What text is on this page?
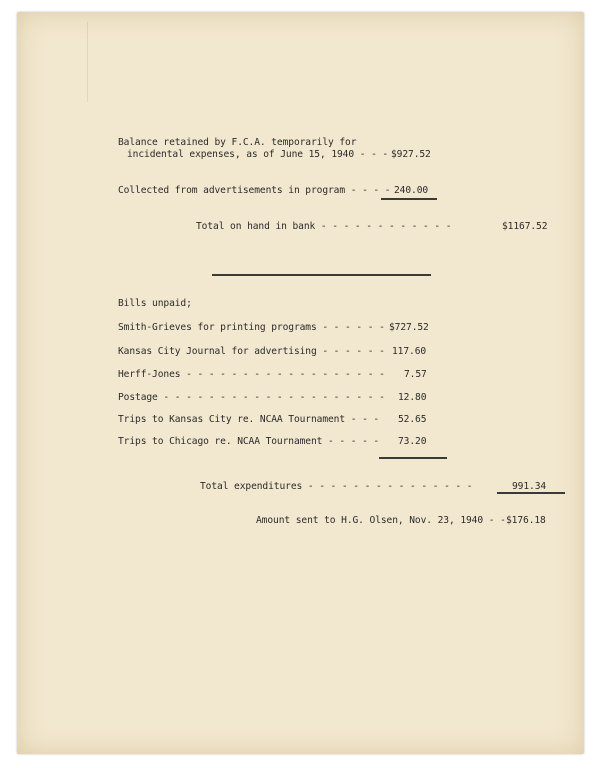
Balance retained by F.C.A. temporarily for
incidental expenses, as of June 15, 1940 - - - $927.52
Collected from advertisements in program - - - - 240.00
Total on hand in bank - - - - - - - - - - - -	$1167.52
Bills unpaid;
Smith-Grieves for printing programs - - - - - - $727.52
Kansas City Journal for advertising - - - - - - 117.60
Herff-Jones - - - - - - - - - - - - - - - - - - 7.57
Postage - - - - - - - - - - - - - - - - - - - - 12.80
Trips to Kansas City re. NCAA Tournament - - - 52.65
Trips to Chicago re. NCAA Tournament - - - - - 73.20
Total expenditures - - - - - - - - - - - - - - -	991.34
Amount sent to H.G. Olsen, Nov. 23, 1940 - - $176.18
